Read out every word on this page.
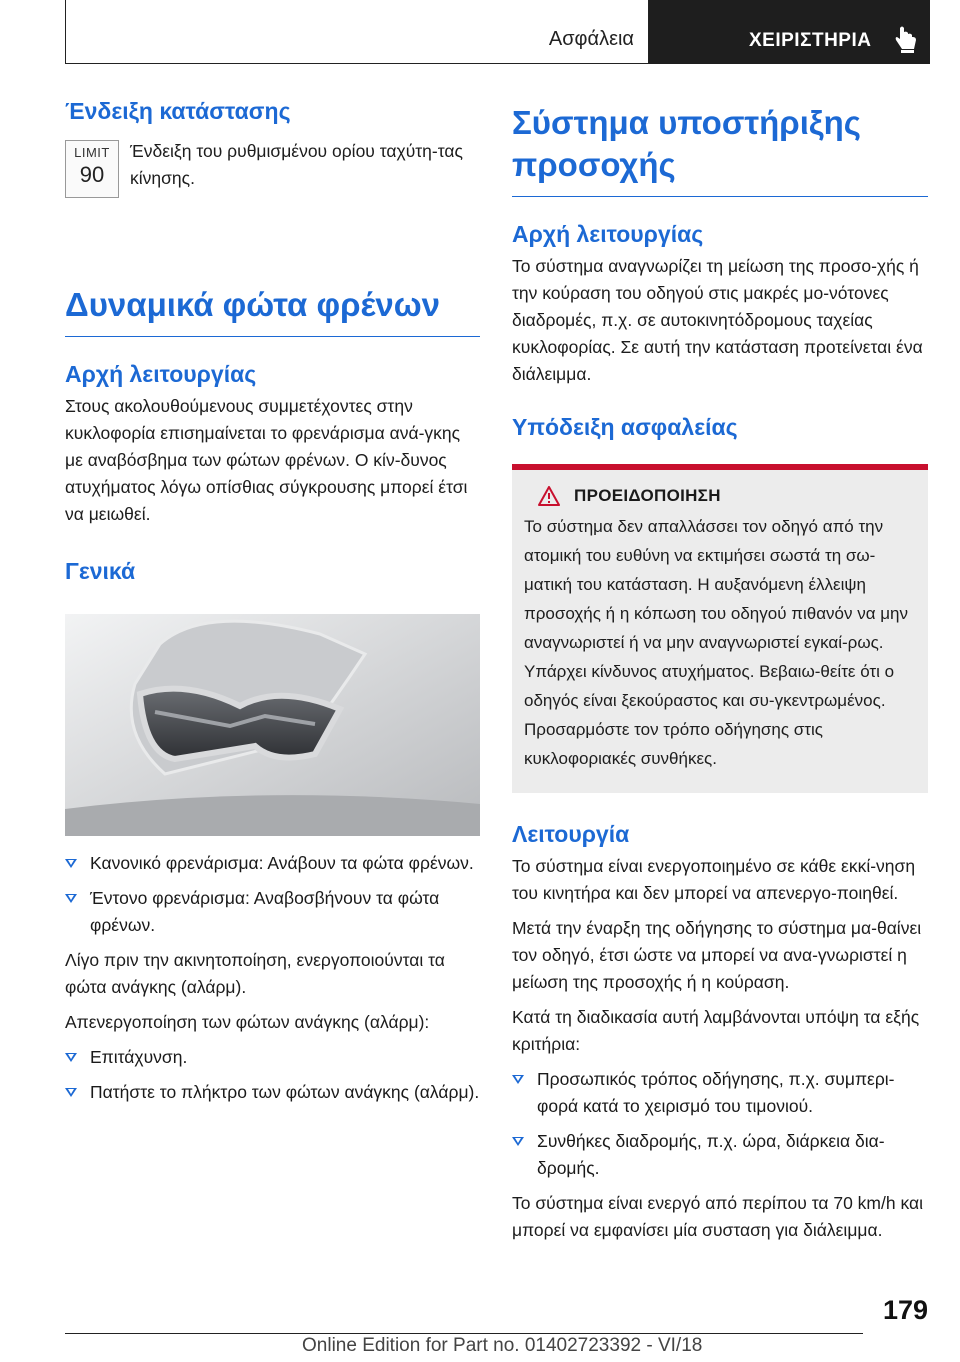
Ασφάλεια	ΧΕΙΡΙΣΤΗΡΙΑ
Ένδειξη κατάστασης
LIMIT
90

Ένδειξη του ρυθμισμένου ορίου ταχύτη-τας κίνησης.

Δυναμικά φώτα φρένων
Αρχή λειτουργίας

Στους ακολουθούμενους συμμετέχοντες στην κυκλοφορία επισημαίνεται το φρενάρισμα ανά-γκης με αναβόσβημα των φώτων φρένων. Ο κίν-δυνος ατυχήματος λόγω οπίσθιας σύγκρουσης μπορεί έτσι να μειωθεί.

Γενικά
Κανονικό φρενάρισμα: Ανάβουν τα φώτα φρένων.
Έντονο φρενάρισμα: Αναβοσβήνουν τα φώτα φρένων.

Λίγο πριν την ακινητοποίηση, ενεργοποιούνται τα φώτα ανάγκης (αλάρμ).

Απενεργοποίηση των φώτων ανάγκης (αλάρμ):

Επιτάχυνση.
Πατήστε το πλήκτρο των φώτων ανάγκης (αλάρμ).
Σύστημα υποστήριξης προσοχής
Αρχή λειτουργίας

Το σύστημα αναγνωρίζει τη μείωση της προσο-χής ή την κούραση του οδηγού στις μακρές μο-νότονες διαδρομές, π.χ. σε αυτοκινητόδρομους ταχείας κυκλοφορίας. Σε αυτή την κατάσταση προτείνεται ένα διάλειμμα.

Υπόδειξη ασφαλείας
ΠΡΟΕΙΔΟΠΟΙΗΣΗ

Το σύστημα δεν απαλλάσσει τον οδηγό από την ατομική του ευθύνη να εκτιμήσει σωστά τη σω-ματική του κατάσταση. Η αυξανόμενη έλλειψη προσοχής ή η κόπωση του οδηγού πιθανόν να μην αναγνωριστεί ή να μην αναγνωριστεί εγκαί-ρως. Υπάρχει κίνδυνος ατυχήματος. Βεβαιω-θείτε ότι ο οδηγός είναι ξεκούραστος και συ-γκεντρωμένος. Προσαρμόστε τον τρόπο οδήγησης στις κυκλοφοριακές συνθήκες.

Λειτουργία

Το σύστημα είναι ενεργοποιημένο σε κάθε εκκί-νηση του κινητήρα και δεν μπορεί να απενεργο-ποιηθεί.

Μετά την έναρξη της οδήγησης το σύστημα μα-θαίνει τον οδηγό, έτσι ώστε να μπορεί να ανα-γνωριστεί η μείωση της προσοχής ή η κούραση.

Κατά τη διαδικασία αυτή λαμβάνονται υπόψη τα εξής κριτήρια:

Προσωπικός τρόπος οδήγησης, π.χ. συμπερι-φορά κατά το χειρισμό του τιμονιού.
Συνθήκες διαδρομής, π.χ. ώρα, διάρκεια δια-δρομής.

Το σύστημα είναι ενεργό από περίπου τα 70 km/h και μπορεί να εμφανίσει μία συσταση για διάλειμμα.

179
Online Edition for Part no. 01402723392 - VI/18
